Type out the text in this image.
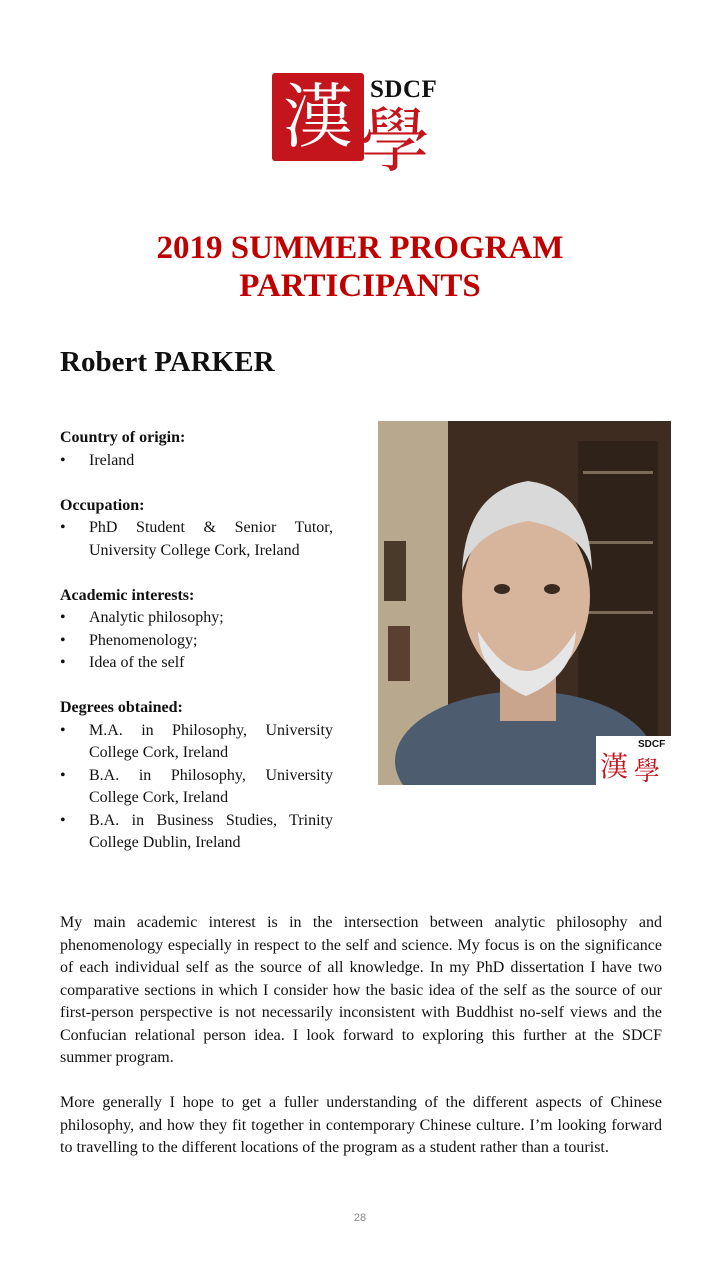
漢 SDCF
學
2019 SUMMER PROGRAM
PARTICIPANTS
Robert PARKER
Country of origin:
• Ireland
Occupation:
• PhD Student & Senior Tutor, University College Cork, Ireland
Academic interests:
• Analytic philosophy;
• Phenomenology;
• Idea of the self
Degrees obtained:
• M.A. in Philosophy, University College Cork, Ireland
• B.A. in Philosophy, University College Cork, Ireland
• B.A. in Business Studies, Trinity College Dublin, Ireland
漢
SDCF
學

My main academic interest is in the intersection between analytic philosophy and phenomenology especially in respect to the self and science. My focus is on the significance of each individual self as the source of all knowledge. In my PhD dissertation I have two comparative sections in which I consider how the basic idea of the self as the source of our first-person perspective is not necessarily inconsistent with Buddhist no-self views and the Confucian relational person idea. I look forward to exploring this further at the SDCF summer program.

More generally I hope to get a fuller understanding of the different aspects of Chinese philosophy, and how they fit together in contemporary Chinese culture. I’m looking forward to travelling to the different locations of the program as a student rather than a tourist.

28
